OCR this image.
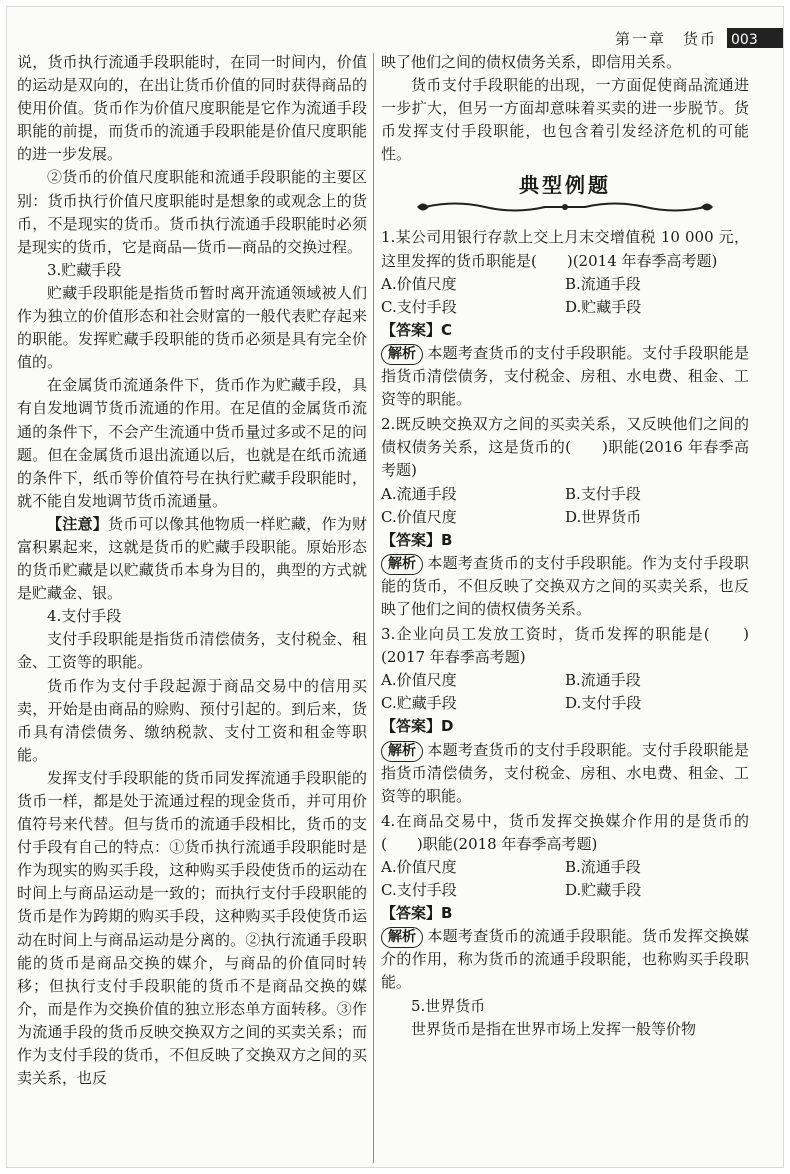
第一章　货币 003

说，货币执行流通手段职能时，在同一时间内，价值的运动是双向的，在出让货币价值的同时获得商品的使用价值。货币作为价值尺度职能是它作为流通手段职能的前提，而货币的流通手段职能是价值尺度职能的进一步发展。

②货币的价值尺度职能和流通手段职能的主要区别：货币执行价值尺度职能时是想象的或观念上的货币，不是现实的货币。货币执行流通手段职能时必须是现实的货币，它是商品—货币—商品的交换过程。

3.贮藏手段

贮藏手段职能是指货币暂时离开流通领域被人们作为独立的价值形态和社会财富的一般代表贮存起来的职能。发挥贮藏手段职能的货币必须是具有完全价值的。

在金属货币流通条件下，货币作为贮藏手段，具有自发地调节货币流通的作用。在足值的金属货币流通的条件下，不会产生流通中货币量过多或不足的问题。但在金属货币退出流通以后，也就是在纸币流通的条件下，纸币等价值符号在执行贮藏手段职能时，就不能自发地调节货币流通量。

【注意】货币可以像其他物质一样贮藏，作为财富积累起来，这就是货币的贮藏手段职能。原始形态的货币贮藏是以贮藏货币本身为目的，典型的方式就是贮藏金、银。

4.支付手段

支付手段职能是指货币清偿债务，支付税金、租金、工资等的职能。

货币作为支付手段起源于商品交易中的信用买卖，开始是由商品的赊购、预付引起的。到后来，货币具有清偿债务、缴纳税款、支付工资和租金等职能。

发挥支付手段职能的货币同发挥流通手段职能的货币一样，都是处于流通过程的现金货币，并可用价值符号来代替。但与货币的流通手段相比，货币的支付手段有自己的特点：①货币执行流通手段职能时是作为现实的购买手段，这种购买手段使货币的运动在时间上与商品运动是一致的；而执行支付手段职能的货币是作为跨期的购买手段，这种购买手段使货币运动在时间上与商品运动是分离的。②执行流通手段职能的货币是商品交换的媒介，与商品的价值同时转移；但执行支付手段职能的货币不是商品交换的媒介，而是作为交换价值的独立形态单方面转移。③作为流通手段的货币反映交换双方之间的买卖关系；而作为支付手段的货币，不但反映了交换双方之间的买卖关系，也反

映了他们之间的债权债务关系，即信用关系。

货币支付手段职能的出现，一方面促使商品流通进一步扩大，但另一方面却意味着买卖的进一步脱节。货币发挥支付手段职能，也包含着引发经济危机的可能性。

典型例题

1.某公司用银行存款上交上月末交增值税 10 000 元，这里发挥的货币职能是(　　)(2014 年春季高考题)

A.价值尺度	B.流通手段
C.支付手段	D.贮藏手段

【答案】C

解析 本题考查货币的支付手段职能。支付手段职能是指货币清偿债务，支付税金、房租、水电费、租金、工资等的职能。

2.既反映交换双方之间的买卖关系，又反映他们之间的债权债务关系，这是货币的(　　)职能(2016 年春季高考题)

A.流通手段	B.支付手段
C.价值尺度	D.世界货币

【答案】B

解析 本题考查货币的支付手段职能。作为支付手段职能的货币，不但反映了交换双方之间的买卖关系，也反映了他们之间的债权债务关系。

3.企业向员工发放工资时，货币发挥的职能是(　　)(2017 年春季高考题)

A.价值尺度	B.流通手段
C.贮藏手段	D.支付手段

【答案】D

解析 本题考查货币的支付手段职能。支付手段职能是指货币清偿债务，支付税金、房租、水电费、租金、工资等的职能。

4.在商品交易中，货币发挥交换媒介作用的是货币的(　　)职能(2018 年春季高考题)

A.价值尺度	B.流通手段
C.支付手段	D.贮藏手段

【答案】B

解析 本题考查货币的流通手段职能。货币发挥交换媒介的作用，称为货币的流通手段职能，也称购买手段职能。

5.世界货币

世界货币是指在世界市场上发挥一般等价物
